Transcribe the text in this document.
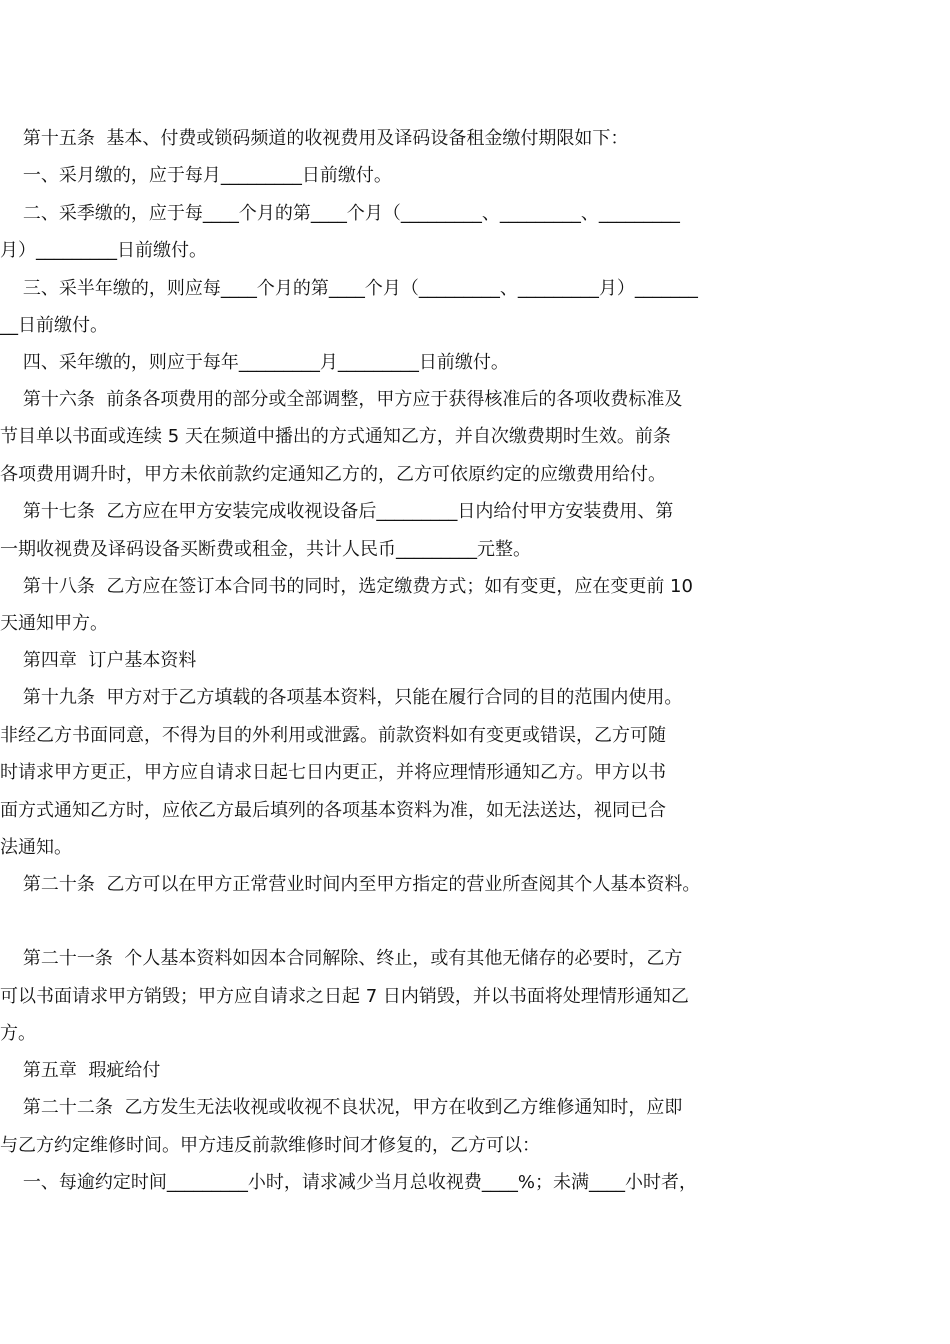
第十五条  基本、付费或锁码频道的收视费用及译码设备租金缴付期限如下：
一、采月缴的，应于每月_________日前缴付。
二、采季缴的，应于每____个月的第____个月（_________、_________、_________
月）_________日前缴付。
三、采半年缴的，则应每____个月的第____个月（_________、_________月）_______
__日前缴付。
四、采年缴的，则应于每年_________月_________日前缴付。
第十六条  前条各项费用的部分或全部调整，甲方应于获得核准后的各项收费标准及
节目单以书面或连续 5 天在频道中播出的方式通知乙方，并自次缴费期时生效。前条
各项费用调升时，甲方未依前款约定通知乙方的，乙方可依原约定的应缴费用给付。
第十七条  乙方应在甲方安装完成收视设备后_________日内给付甲方安装费用、第
一期收视费及译码设备买断费或租金，共计人民币_________元整。
第十八条  乙方应在签订本合同书的同时，选定缴费方式；如有变更，应在变更前 10
天通知甲方。
第四章  订户基本资料
第十九条  甲方对于乙方填载的各项基本资料，只能在履行合同的目的范围内使用。
非经乙方书面同意，不得为目的外利用或泄露。前款资料如有变更或错误，乙方可随
时请求甲方更正，甲方应自请求日起七日内更正，并将应理情形通知乙方。甲方以书
面方式通知乙方时，应依乙方最后填列的各项基本资料为准，如无法送达，视同已合
法通知。
第二十条  乙方可以在甲方正常营业时间内至甲方指定的营业所查阅其个人基本资料。
第二十一条  个人基本资料如因本合同解除、终止，或有其他无储存的必要时，乙方
可以书面请求甲方销毁；甲方应自请求之日起 7 日内销毁，并以书面将处理情形通知乙
方。
第五章  瑕疵给付
第二十二条  乙方发生无法收视或收视不良状况，甲方在收到乙方维修通知时，应即
与乙方约定维修时间。甲方违反前款维修时间才修复的，乙方可以：
一、每逾约定时间_________小时，请求减少当月总收视费____%；未满____小时者，
